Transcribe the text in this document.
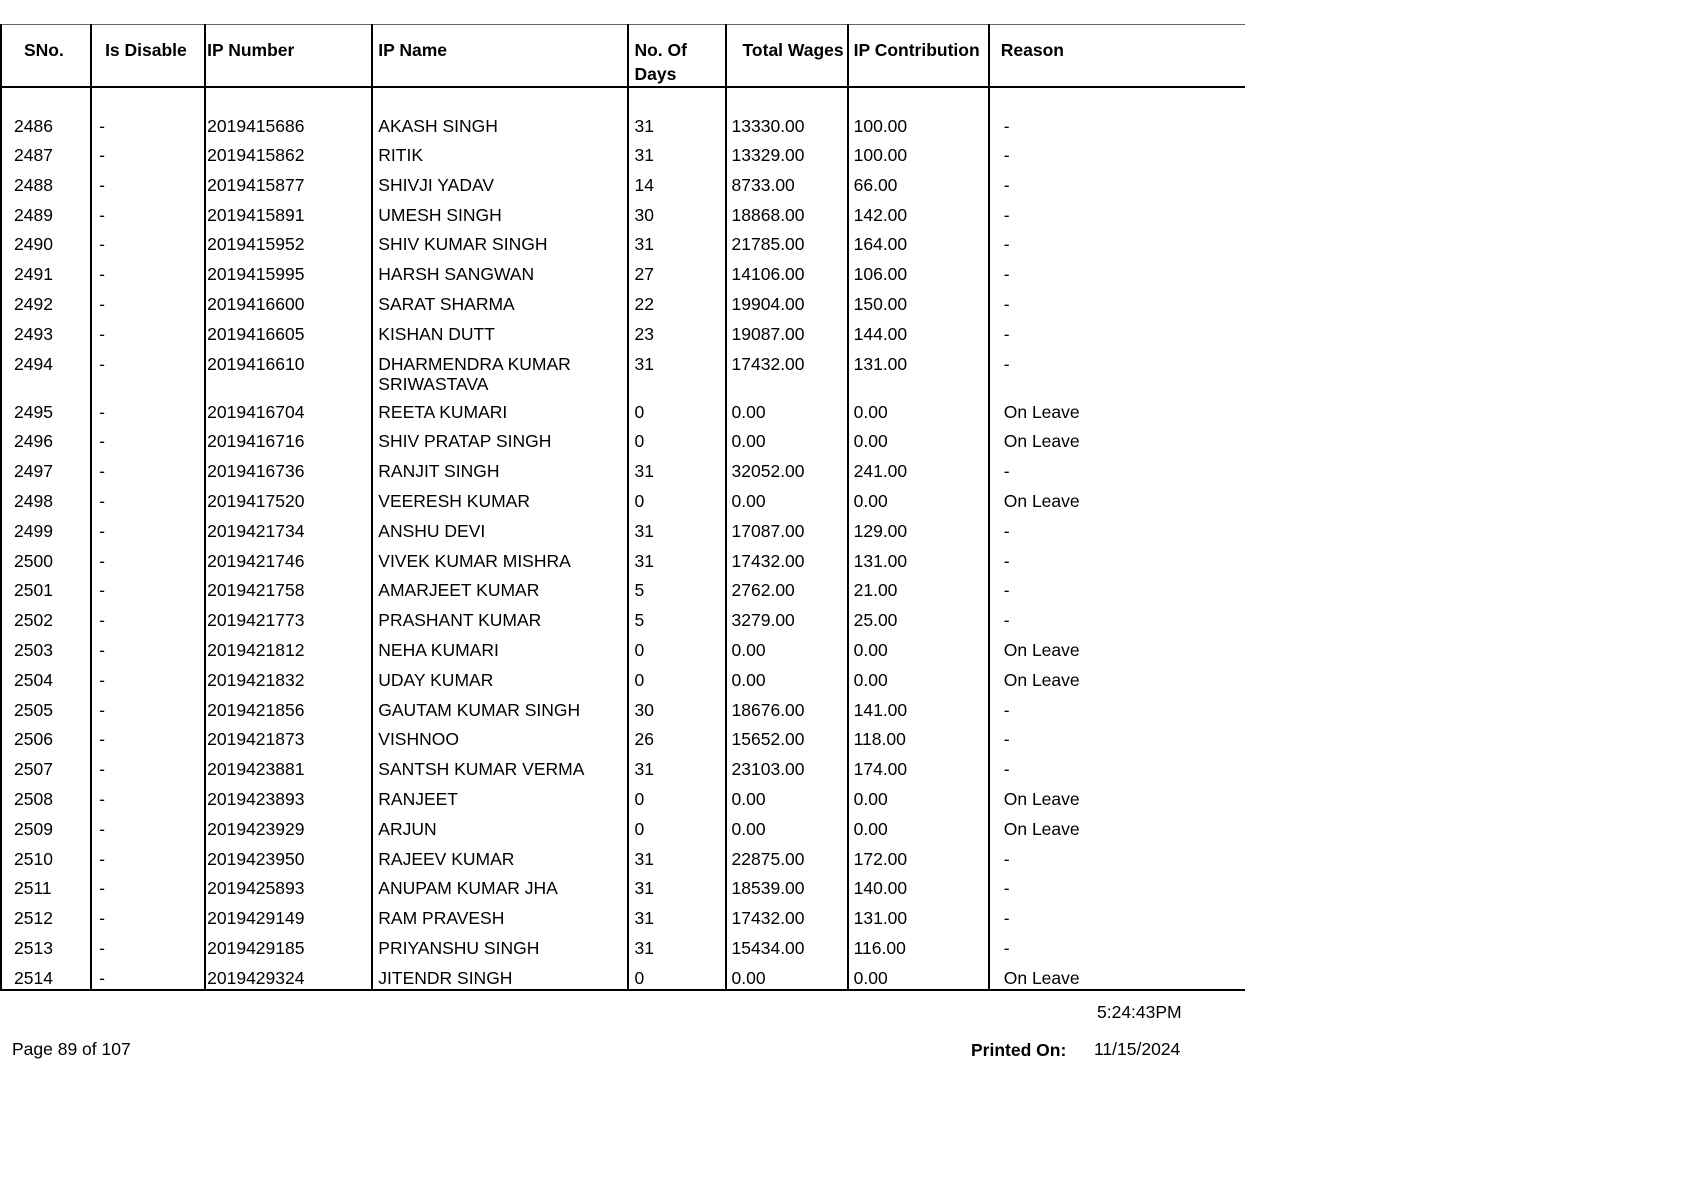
SNo.	Is Disable	IP Number	IP Name	No. Of Days	Total Wages	IP Contribution	Reason
2486	-	2019415686	AKASH SINGH	31	13330.00	100.00	-
2487	-	2019415862	RITIK	31	13329.00	100.00	-
2488	-	2019415877	SHIVJI YADAV	14	8733.00	66.00	-
2489	-	2019415891	UMESH SINGH	30	18868.00	142.00	-
2490	-	2019415952	SHIV KUMAR SINGH	31	21785.00	164.00	-
2491	-	2019415995	HARSH SANGWAN	27	14106.00	106.00	-
2492	-	2019416600	SARAT SHARMA	22	19904.00	150.00	-
2493	-	2019416605	KISHAN DUTT	23	19087.00	144.00	-
2494	-	2019416610	DHARMENDRA KUMAR SRIWASTAVA	31	17432.00	131.00	-
2495	-	2019416704	REETA KUMARI	0	0.00	0.00	On Leave
2496	-	2019416716	SHIV PRATAP SINGH	0	0.00	0.00	On Leave
2497	-	2019416736	RANJIT SINGH	31	32052.00	241.00	-
2498	-	2019417520	VEERESH KUMAR	0	0.00	0.00	On Leave
2499	-	2019421734	ANSHU DEVI	31	17087.00	129.00	-
2500	-	2019421746	VIVEK KUMAR MISHRA	31	17432.00	131.00	-
2501	-	2019421758	AMARJEET KUMAR	5	2762.00	21.00	-
2502	-	2019421773	PRASHANT KUMAR	5	3279.00	25.00	-
2503	-	2019421812	NEHA KUMARI	0	0.00	0.00	On Leave
2504	-	2019421832	UDAY KUMAR	0	0.00	0.00	On Leave
2505	-	2019421856	GAUTAM KUMAR SINGH	30	18676.00	141.00	-
2506	-	2019421873	VISHNOO	26	15652.00	118.00	-
2507	-	2019423881	SANTSH KUMAR VERMA	31	23103.00	174.00	-
2508	-	2019423893	RANJEET	0	0.00	0.00	On Leave
2509	-	2019423929	ARJUN	0	0.00	0.00	On Leave
2510	-	2019423950	RAJEEV KUMAR	31	22875.00	172.00	-
2511	-	2019425893	ANUPAM KUMAR JHA	31	18539.00	140.00	-
2512	-	2019429149	RAM PRAVESH	31	17432.00	131.00	-
2513	-	2019429185	PRIYANSHU SINGH	31	15434.00	116.00	-
2514	-	2019429324	JITENDR SINGH	0	0.00	0.00	On Leave
5:24:43PM
Page 89 of 107	Printed On: 11/15/2024
